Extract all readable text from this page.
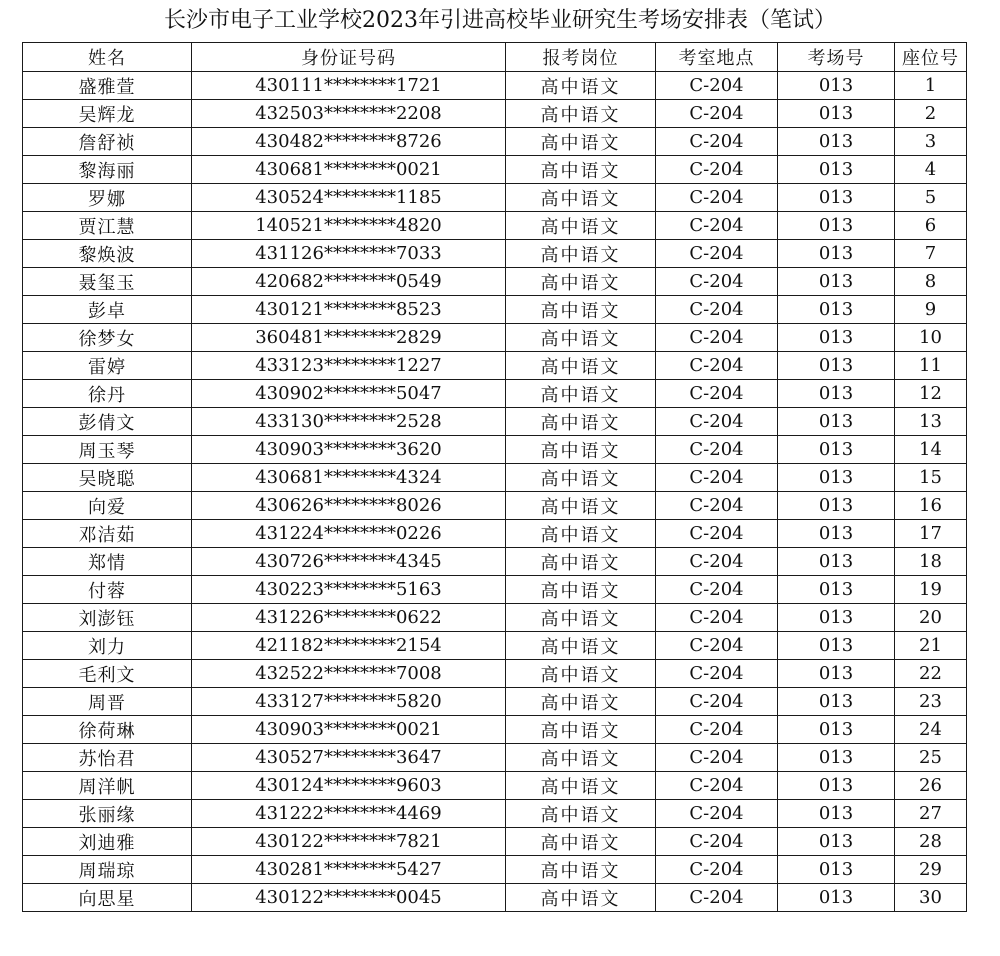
长沙市电子工业学校2023年引进高校毕业研究生考场安排表（笔试）
姓名	身份证号码	报考岗位	考室地点	考场号	座位号
盛雅萱	430111********1721	高中语文	C-204	013	1
吴辉龙	432503********2208	高中语文	C-204	013	2
詹舒祯	430482********8726	高中语文	C-204	013	3
黎海丽	430681********0021	高中语文	C-204	013	4
罗娜	430524********1185	高中语文	C-204	013	5
贾江慧	140521********4820	高中语文	C-204	013	6
黎焕波	431126********7033	高中语文	C-204	013	7
聂玺玉	420682********0549	高中语文	C-204	013	8
彭卓	430121********8523	高中语文	C-204	013	9
徐梦女	360481********2829	高中语文	C-204	013	10
雷婷	433123********1227	高中语文	C-204	013	11
徐丹	430902********5047	高中语文	C-204	013	12
彭倩文	433130********2528	高中语文	C-204	013	13
周玉琴	430903********3620	高中语文	C-204	013	14
吴晓聪	430681********4324	高中语文	C-204	013	15
向爱	430626********8026	高中语文	C-204	013	16
邓洁茹	431224********0226	高中语文	C-204	013	17
郑情	430726********4345	高中语文	C-204	013	18
付蓉	430223********5163	高中语文	C-204	013	19
刘澎钰	431226********0622	高中语文	C-204	013	20
刘力	421182********2154	高中语文	C-204	013	21
毛利文	432522********7008	高中语文	C-204	013	22
周晋	433127********5820	高中语文	C-204	013	23
徐荷琳	430903********0021	高中语文	C-204	013	24
苏怡君	430527********3647	高中语文	C-204	013	25
周洋帆	430124********9603	高中语文	C-204	013	26
张丽缘	431222********4469	高中语文	C-204	013	27
刘迪雅	430122********7821	高中语文	C-204	013	28
周瑞琼	430281********5427	高中语文	C-204	013	29
向思星	430122********0045	高中语文	C-204	013	30
